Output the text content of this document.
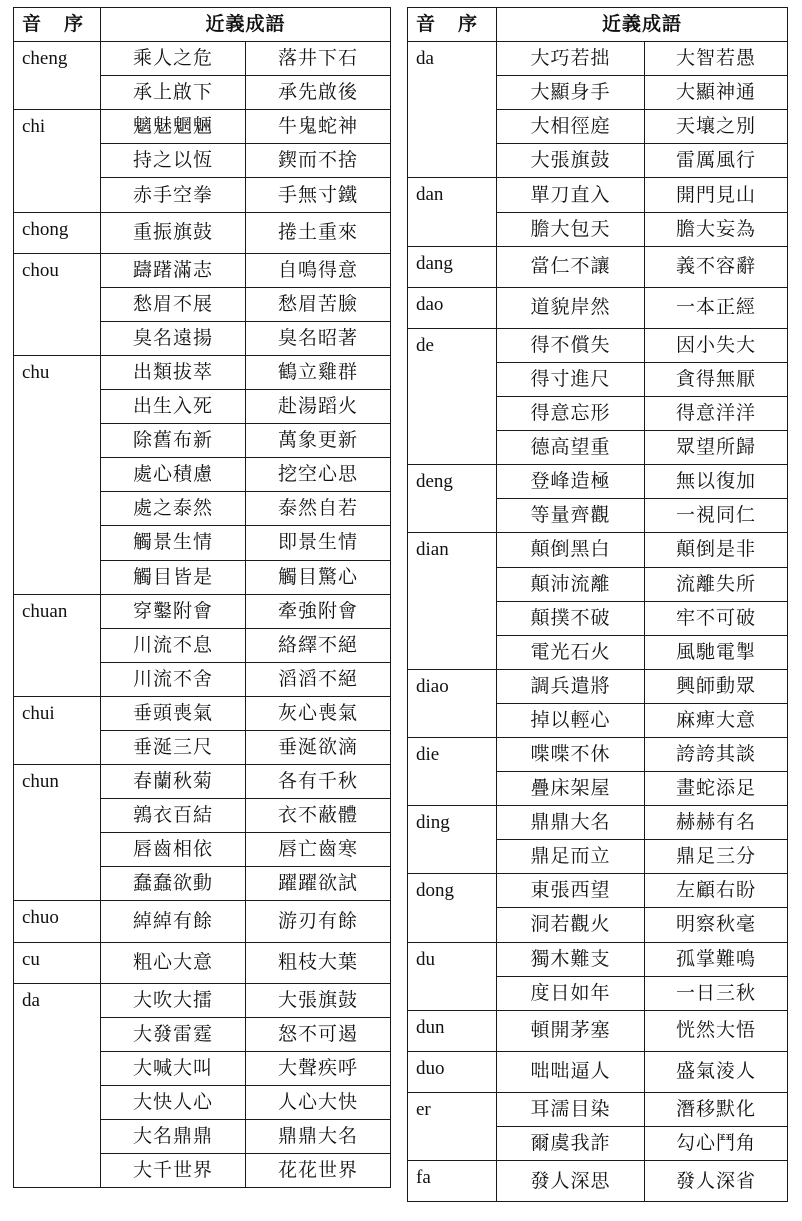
音　序	近義成語	
cheng	乘人之危	落井下石
	承上啟下	承先啟後
chi	魑魅魍魎	牛鬼蛇神
	持之以恆	鍥而不捨
	赤手空拳	手無寸鐵
chong	重振旗鼓	捲土重來
chou	躊躇滿志	自鳴得意
	愁眉不展	愁眉苦臉
	臭名遠揚	臭名昭著
chu	出類拔萃	鶴立雞群
	出生入死	赴湯蹈火
	除舊布新	萬象更新
	處心積慮	挖空心思
	處之泰然	泰然自若
	觸景生情	即景生情
	觸目皆是	觸目驚心
chuan	穿鑿附會	牽強附會
	川流不息	絡繹不絕
	川流不舍	滔滔不絕
chui	垂頭喪氣	灰心喪氣
	垂涎三尺	垂涎欲滴
chun	春蘭秋菊	各有千秋
	鶉衣百結	衣不蔽體
	唇齒相依	唇亡齒寒
	蠢蠢欲動	躍躍欲試
chuo	綽綽有餘	游刃有餘
cu	粗心大意	粗枝大葉
da	大吹大擂	大張旗鼓
	大發雷霆	怒不可遏
	大喊大叫	大聲疾呼
	大快人心	人心大快
	大名鼎鼎	鼎鼎大名
	大千世界	花花世界
音　序	近義成語	
da	大巧若拙	大智若愚
	大顯身手	大顯神通
	大相徑庭	天壤之別
	大張旗鼓	雷厲風行
dan	單刀直入	開門見山
	膽大包天	膽大妄為
dang	當仁不讓	義不容辭
dao	道貌岸然	一本正經
de	得不償失	因小失大
	得寸進尺	貪得無厭
	得意忘形	得意洋洋
	德高望重	眾望所歸
deng	登峰造極	無以復加
	等量齊觀	一視同仁
dian	顛倒黑白	顛倒是非
	顛沛流離	流離失所
	顛撲不破	牢不可破
	電光石火	風馳電掣
diao	調兵遣將	興師動眾
	掉以輕心	麻痺大意
die	喋喋不休	誇誇其談
	疊床架屋	畫蛇添足
ding	鼎鼎大名	赫赫有名
	鼎足而立	鼎足三分
dong	東張西望	左顧右盼
	洞若觀火	明察秋毫
du	獨木難支	孤掌難鳴
	度日如年	一日三秋
dun	頓開茅塞	恍然大悟
duo	咄咄逼人	盛氣淩人
er	耳濡目染	潛移默化
	爾虞我詐	勾心鬥角
fa	發人深思	發人深省
